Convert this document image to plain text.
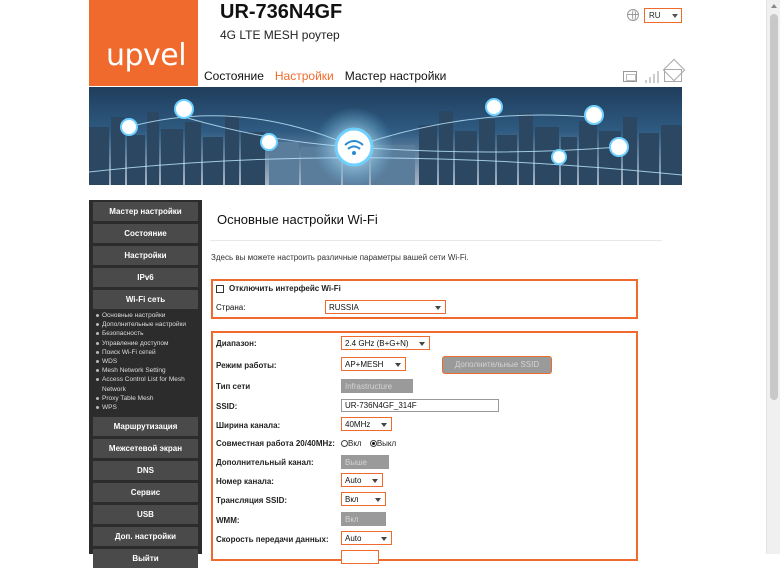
upvel
UR-736N4GF
4G LTE MESH роутер
RU
Состояние Настройки Мастер настройки
Мастер настройки
Состояние
Настройки
IPv6
Wi-Fi сеть
Основные настройки
Дополнительные настройки
Безопасность
Управление доступом
Поиск Wi-Fi сетей
WDS
Mesh Network Setting
Access Control List for Mesh
Network
Proxy Table Mesh
WPS
Маршрутизация
Межсетевой экран
DNS
Сервис
USB
Доп. настройки
Выйти
Основные настройки Wi-Fi
Здесь вы можете настроить различные параметры вашей сети Wi-Fi.
Отключить интерфейс Wi-Fi
Страна:	RUSSIA
Диапазон:	2.4 GHz (B+G+N)
Режим работы:	AP+MESH	Дополнительные SSID
Тип сети	Infrastructure
SSID:	UR-736N4GF_314F
Ширина канала:	40MHz
Совместная работа 20/40MHz:	Вкл Выкл
Дополнительный канал:	Выше
Номер канала:	Auto
Трансляция SSID:	Вкл
WMM:	Вкл
Скорость передачи данных:	Auto
